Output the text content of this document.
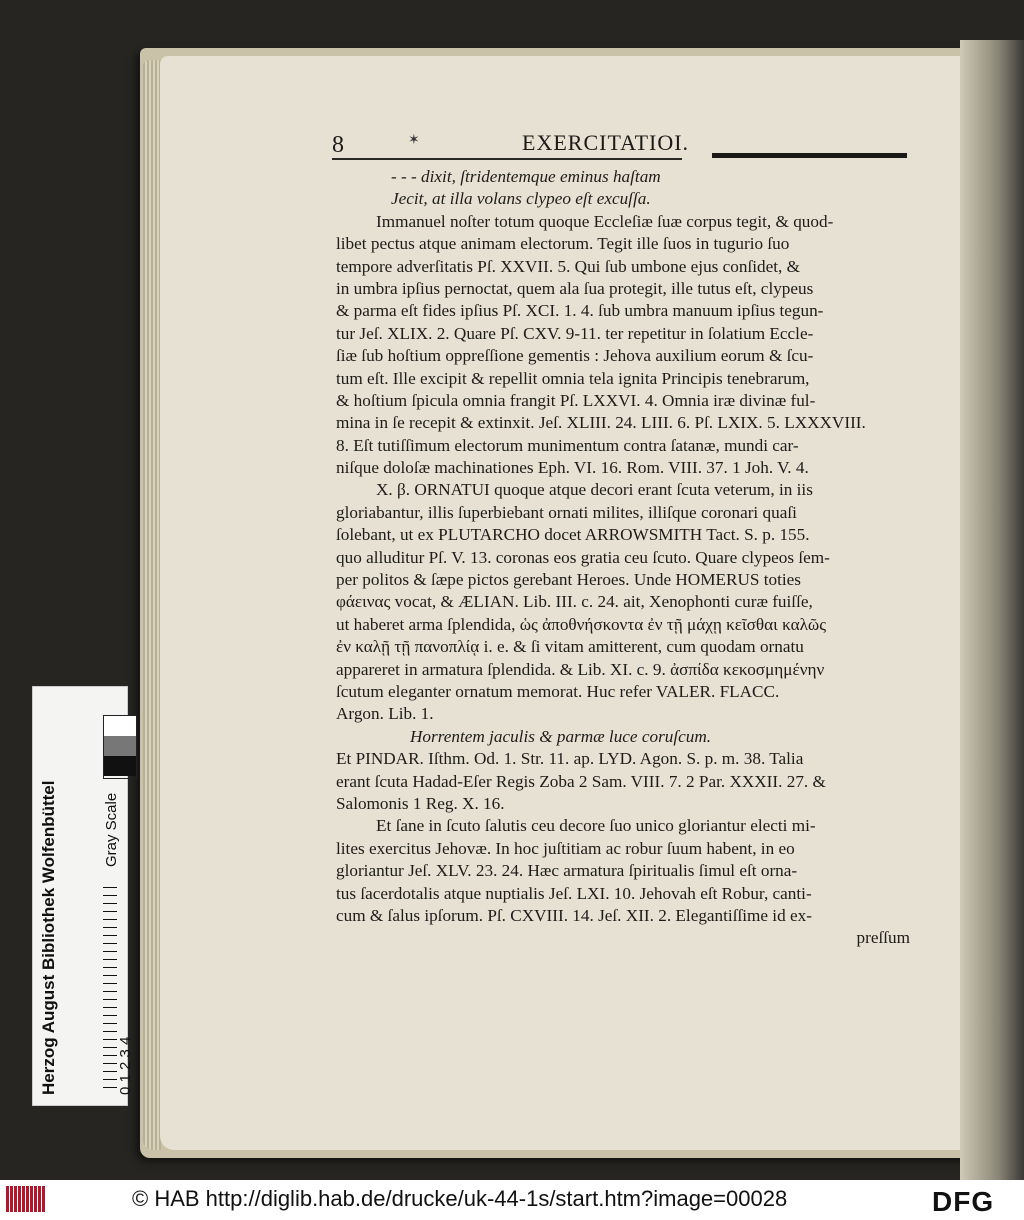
8	✶	EXERCITATIOI.
- - - dixit, ſtridentemque eminus haſtam
Jecit, at illa volans clypeo eſt excuſſa.
Immanuel noſter totum quoque Eccleſiæ ſuæ corpus tegit, & quod-
libet pectus atque animam electorum. Tegit ille ſuos in tugurio ſuo
tempore adverſitatis Pſ. XXVII. 5. Qui ſub umbone ejus conſidet, &
in umbra ipſius pernoctat, quem ala ſua protegit, ille tutus eſt, clypeus
& parma eſt fides ipſius Pſ. XCI. 1. 4. ſub umbra manuum ipſius tegun-
tur Jeſ. XLIX. 2. Quare Pſ. CXV. 9-11. ter repetitur in ſolatium Eccle-
ſiæ ſub hoſtium oppreſſione gementis : Jehova auxilium eorum & ſcu-
tum eſt. Ille excipit & repellit omnia tela ignita Principis tenebrarum,
& hoſtium ſpicula omnia frangit Pſ. LXXVI. 4. Omnia iræ divinæ ful-
mina in ſe recepit & extinxit. Jeſ. XLIII. 24. LIII. 6. Pſ. LXIX. 5. LXXXVIII.
8. Eſt tutiſſimum electorum munimentum contra ſatanæ, mundi car-
niſque doloſæ machinationes Eph. VI. 16. Rom. VIII. 37. 1 Joh. V. 4.
X. β. ORNATUI quoque atque decori erant ſcuta veterum, in iis
gloriabantur, illis ſuperbiebant ornati milites, illiſque coronari quaſi
ſolebant, ut ex PLUTARCHO docet ARROWSMITH Tact. S. p. 155.
quo alluditur Pſ. V. 13. coronas eos gratia ceu ſcuto. Quare clypeos ſem-
per politos & ſæpe pictos gerebant Heroes. Unde HOMERUS toties
φάεινας vocat, & ÆLIAN. Lib. III. c. 24. ait, Xenophonti curæ fuiſſe,
ut haberet arma ſplendida, ὡς ἀποθνήσκοντα ἐν τῇ μάχῃ κεῖσθαι καλῶς
ἐν καλῇ τῇ πανοπλίᾳ i. e. & ſi vitam amitterent, cum quodam ornatu
appareret in armatura ſplendida. & Lib. XI. c. 9. ἀσπίδα κεκοσμημένην
ſcutum eleganter ornatum memorat. Huc refer VALER. FLACC.
Argon. Lib. 1.
Horrentem jaculis & parmæ luce coruſcum.
Et PINDAR. Iſthm. Od. 1. Str. 11. ap. LYD. Agon. S. p. m. 38. Talia
erant ſcuta Hadad-Eſer Regis Zoba 2 Sam. VIII. 7. 2 Par. XXXII. 27. &
Salomonis 1 Reg. X. 16.
Et ſane in ſcuto ſalutis ceu decore ſuo unico gloriantur electi mi-
lites exercitus Jehovæ. In hoc juſtitiam ac robur ſuum habent, in eo
gloriantur Jeſ. XLV. 23. 24. Hæc armatura ſpiritualis ſimul eſt orna-
tus ſacerdotalis atque nuptialis Jeſ. LXI. 10. Jehovah eſt Robur, canti-
cum & ſalus ipſorum. Pſ. CXVIII. 14. Jeſ. XII. 2. Elegantiſſime id ex-
preſſum
Herzog August Bibliothek Wolfenbüttel	Gray Scale
0 1 2 3 4
© HAB http://diglib.hab.de/drucke/uk-44-1s/start.htm?image=00028	DFG
